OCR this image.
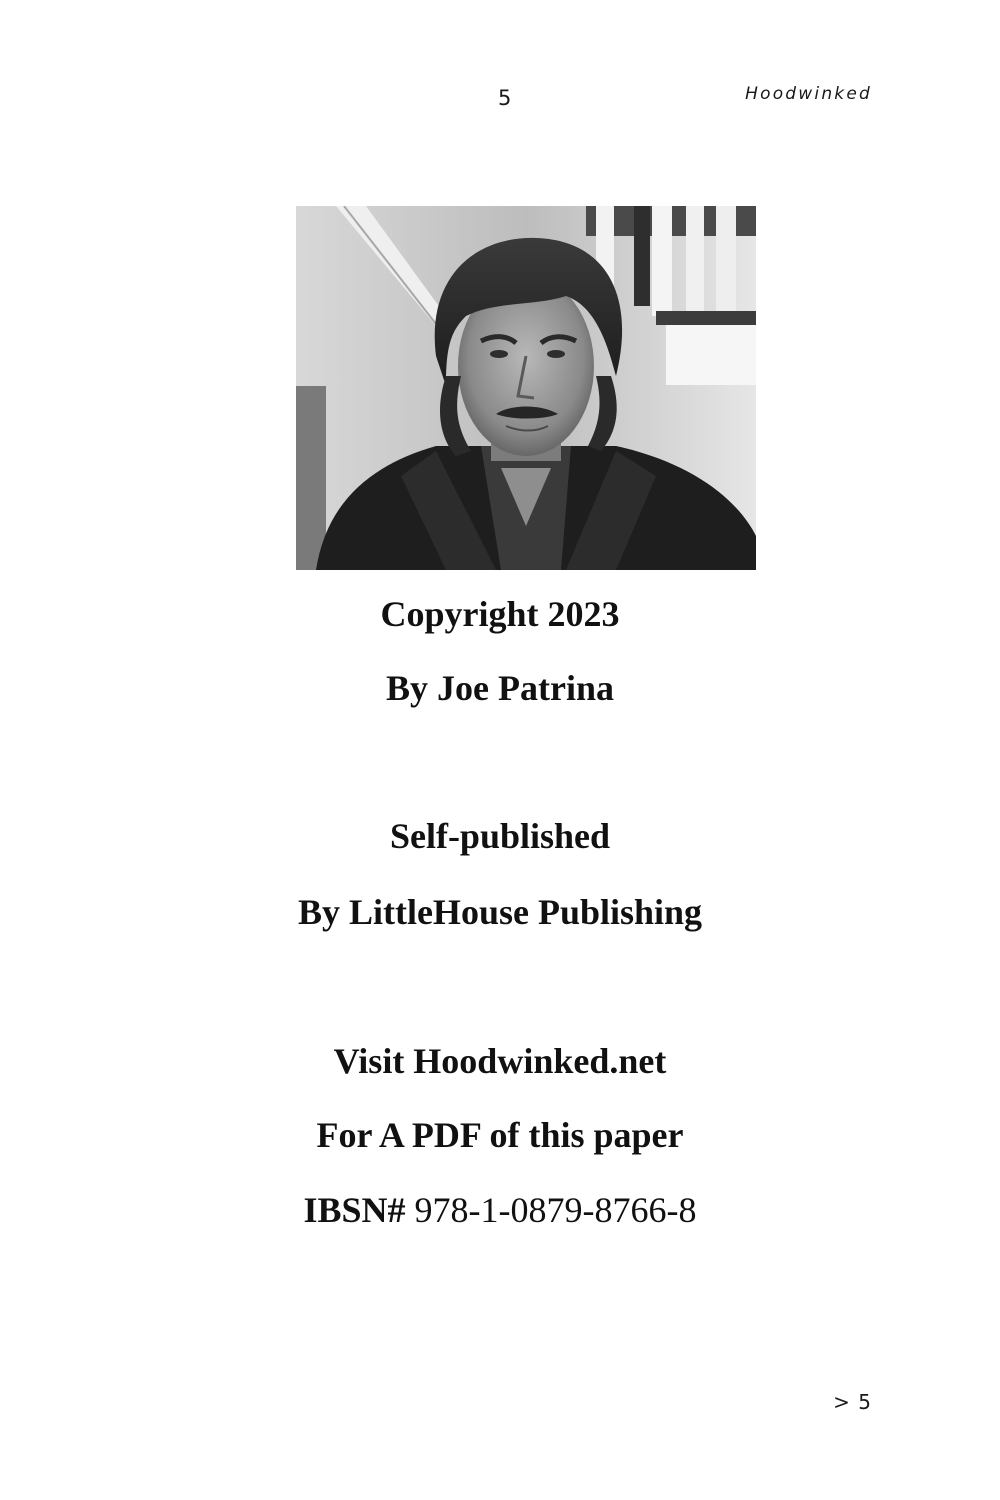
5	Hoodwinked
Copyright 2023
By Joe Patrina
Self-published
By LittleHouse Publishing
Visit Hoodwinked.net
For A PDF of this paper
IBSN# 978-1-0879-8766-8
> 5
